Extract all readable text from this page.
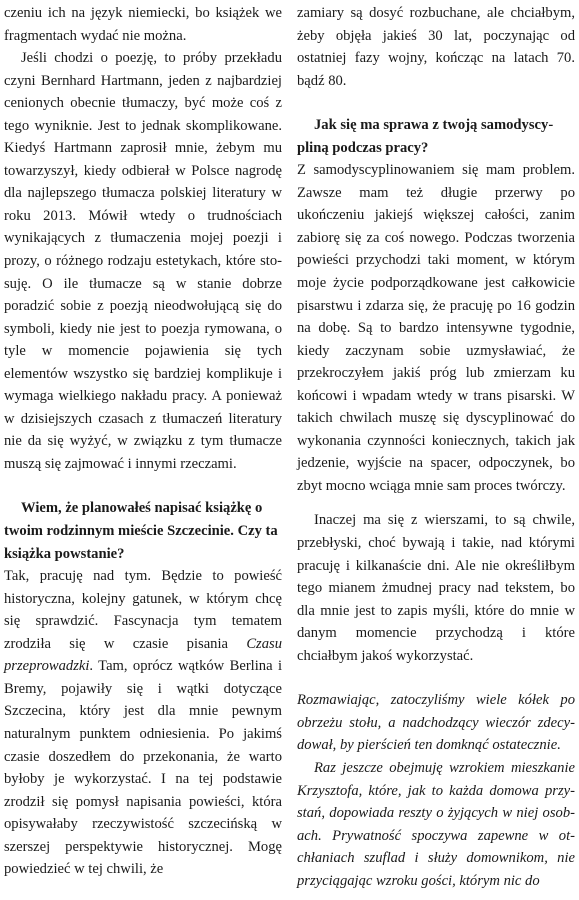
czeniu ich na język niemiecki, bo książek we fragmentach wydać nie można.

Jeśli chodzi o poezję, to próby przekładu czyni Bernhard Hartmann, jeden z najbardziej cenionych obecnie tłumaczy, być może coś z tego wyniknie. Jest to jednak skomplikowane. Kiedyś Hartmann zaprosił mnie, żebym mu towarzyszył, kiedy odbierał w Polsce nagrodę dla najlepszego tłumacza polskiej literatury w roku 2013. Mówił wtedy o trudnościach wynikających z tłumaczenia mojej poezji i prozy, o różnego rodzaju estetykach, które stosuję. O ile tłumacze są w stanie dobrze poradzić sobie z poezją nieodwołującą się do symboli, kiedy nie jest to poezja rymowana, o tyle w momencie pojawienia się tych elementów wszystko się bardziej komplikuje i wymaga wielkiego nakładu pracy. A ponieważ w dzisiejszych czasach z tłumaczeń literatury nie da się wyżyć, w związku z tym tłumacze muszą się zajmować i innymi rzeczami.

Wiem, że planowałeś napisać książkę o twoim rodzinnym mieście Szczecinie. Czy ta książka powstanie?

Tak, pracuję nad tym. Będzie to powieść historyczna, kolejny gatunek, w którym chcę się sprawdzić. Fascynacja tym tematem zrodziła się w czasie pisania Czasu przeprowadzki. Tam, oprócz wątków Berlina i Bremy, pojawiły się i wątki dotyczące Szczecina, który jest dla mnie pewnym naturalnym punktem odniesienia. Po jakimś czasie doszedłem do przekonania, że warto byłoby je wykorzystać. I na tej podstawie zrodził się pomysł napisania powieści, która opisywałaby rzeczywistość szczecińską w szerszej perspektywie historycznej. Mogę powiedzieć w tej chwili, że

zamiary są dosyć rozbuchane, ale chciałbym, żeby objęła jakieś 30 lat, poczynając od ostatniej fazy wojny, kończąc na latach 70. bądź 80.

Jak się ma sprawa z twoją samodyscypliną podczas pracy?

Z samodyscyplinowaniem się mam problem. Zawsze mam też długie przerwy po ukończeniu jakiejś większej całości, zanim zabiorę się za coś nowego. Podczas tworzenia powieści przychodzi taki moment, w którym moje życie podporządkowane jest całkowicie pisarstwu i zdarza się, że pracuję po 16 godzin na dobę. Są to bardzo intensywne tygodnie, kiedy zaczynam sobie uzmysławiać, że przekroczyłem jakiś próg lub zmierzam ku końcowi i wpadam wtedy w trans pisarski. W takich chwilach muszę się dyscyplinować do wykonania czynności koniecznych, takich jak jedzenie, wyjście na spacer, odpoczynek, bo zbyt mocno wciąga mnie sam proces twórczy.

Inaczej ma się z wierszami, to są chwile, przebłyski, choć bywają i takie, nad którymi pracuję i kilkanaście dni. Ale nie określiłbym tego mianem żmudnej pracy nad tekstem, bo dla mnie jest to zapis myśli, które do mnie w danym momencie przychodzą i które chciałbym jakoś wykorzystać.

Rozmawiając, zatoczyliśmy wiele kółek po obrzeżu stołu, a nadchodzący wieczór zdecydował, by pierścień ten domknąć ostatecznie.

Raz jeszcze obejmuję wzrokiem mieszkanie Krzysztofa, które, jak to każda domowa przystań, dopowiada reszty o żyjących w niej osobach. Prywatność spoczywa zapewne w otchłaniach szuflad i służy domownikom, nie przyciągając wzroku gości, którym nic do
